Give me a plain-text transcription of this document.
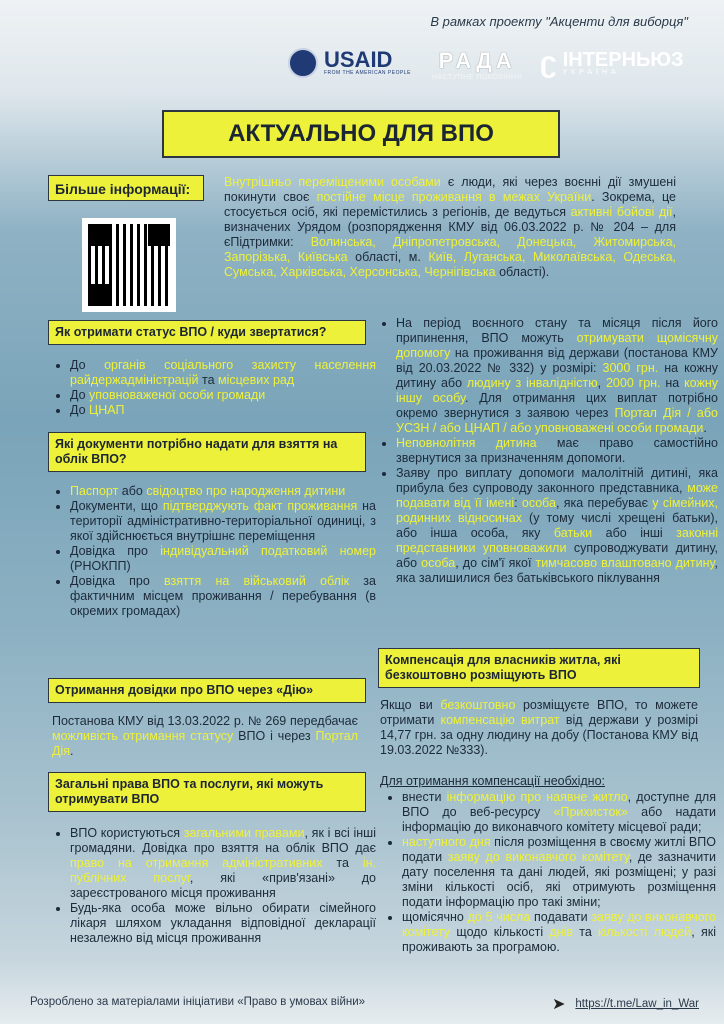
В рамках проекту "Акценти для виборця"
USAID
FROM THE AMERICAN PEOPLE	РАДА
НАСТУПНЕ ПОКОЛІННЯ ʗ ІНТЕРНЬЮЗ
УКРАЇНА
АКТУАЛЬНО ДЛЯ ВПО
Більше інформації:	Внутрішньо переміщеними особами є люди, які через воєнні дії змушені покинути своє постійне місце проживання в межах України. Зокрема, це стосується осіб, які перемістились з регіонів, де ведуться активні бойові дії, визначених Урядом (розпорядження КМУ від 06.03.2022 р. № 204 – для єПідтримки: Волинська, Дніпропетровська, Донецька, Житомирська, Запорізька, Київська області, м. Київ, Луганська, Миколаївська, Одеська, Сумська, Харківська, Херсонська, Чернігівська області).
Як отримати статус ВПО / куди звертатися?
• До органів соціального захисту населення райдержадміністрацій та місцевих рад
• До уповноваженої особи громади
• До ЦНАП
Які документи потрібно надати для взяття на облік ВПО?
• Паспорт або свідоцтво про народження дитини
• Документи, що підтверджують факт проживання на території адміністративно-територіальної одиниці, з якої здійснюється внутрішнє переміщення
• Довідка про індивідуальний податковий номер (РНОКПП)
• Довідка про взяття на військовий облік за фактичним місцем проживання / перебування (в окремих громадах)
Отримання довідки про ВПО через «Дію»
Постанова КМУ від 13.03.2022 р. № 269 передбачає можливість отримання статусу ВПО і через Портал Дія.
Загальні права ВПО та послуги, які можуть отримувати ВПО
• ВПО користуються загальними правами, як і всі інші громадяни. Довідка про взяття на облік ВПО дає право на отримання адміністративних та ін. публічних послуг, які «прив'язані» до зареєстрованого місця проживання
• Будь-яка особа може вільно обирати сімейного лікаря шляхом укладання відповідної декларації незалежно від місця проживання
• На період воєнного стану та місяця після його припинення, ВПО можуть отримувати щомісячну допомогу на проживання від держави (постанова КМУ від 20.03.2022 № 332) у розмірі: 3000 грн. на кожну дитину або людину з інвалідністю, 2000 грн. на кожну іншу особу. Для отримання цих виплат потрібно окремо звернутися з заявою через Портал Дія / або УСЗН / або ЦНАП / або уповноважені особи громади.
• Неповнолітня дитина має право самостійно звернутися за призначенням допомоги.
• Заяву про виплату допомоги малолітній дитині, яка прибула без супроводу законного представника, може подавати від її імені: особа, яка перебуває у сімейних, родинних відносинах (у тому числі хрещені батьки), або інша особа, яку батьки або інші законні представники уповноважили супроводжувати дитину, або особа, до сім'ї якої тимчасово влаштовано дитину, яка залишилися без батьківського піклування
Компенсація для власників житла, які безкоштовно розміщують ВПО
Якщо ви безкоштовно розміщуєте ВПО, то можете отримати компенсацію витрат від держави у розмірі 14,77 грн. за одну людину на добу (Постанова КМУ від 19.03.2022 №333).
Для отримання компенсації необхідно:
• внести інформацію про наявне житло, доступне для ВПО до веб-ресурсу «Прихисток» або надати інформацію до виконавчого комітету місцевої ради;
• наступного дня після розміщення в своєму житлі ВПО подати заяву до виконавчого комітету, де зазначити дату поселення та дані людей, які розміщені; у разі зміни кількості осіб, які отримують розміщення подати інформацію про такі зміни;
• щомісячно до 5 числа подавати заяву до виконавчого комітету щодо кількості днів та кількості людей, які проживають за програмою.
Розроблено за матеріалами ініціативи «Право в умовах війни»	➤ https://t.me/Law_in_War
